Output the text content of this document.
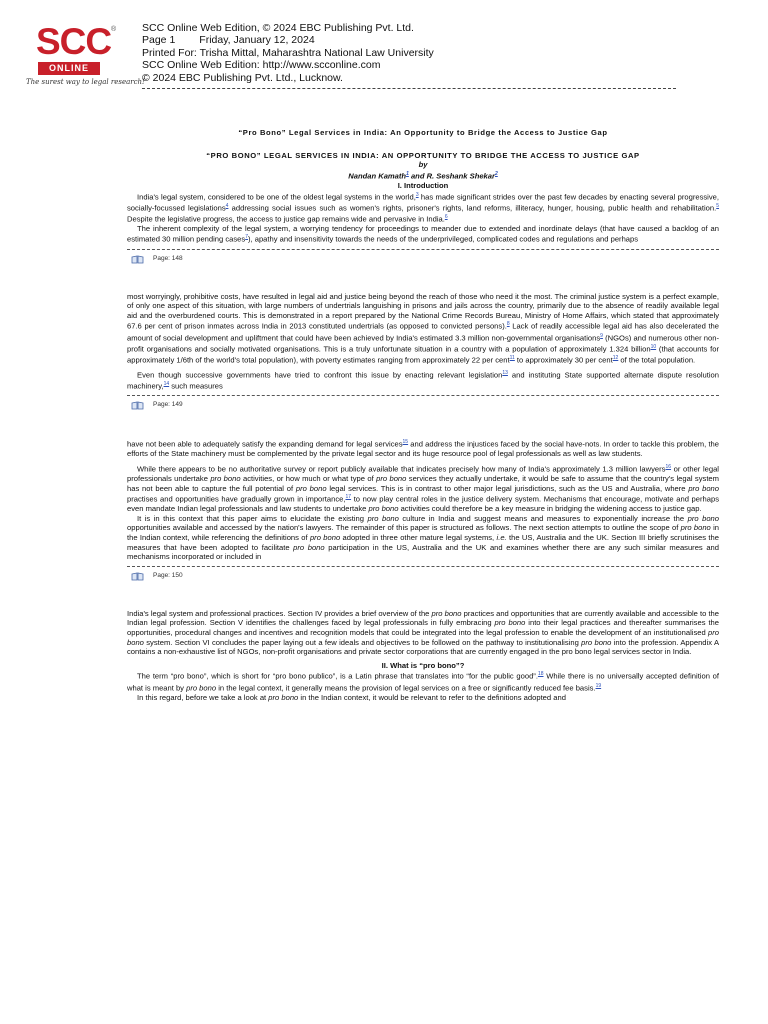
SCC ®
ONLINE
The surest way to legal research!
SCC Online Web Edition, © 2024 EBC Publishing Pvt. Ltd.
Page 1 Friday, January 12, 2024
Printed For: Trisha Mittal, Maharashtra National Law University
SCC Online Web Edition: http://www.scconline.com
© 2024 EBC Publishing Pvt. Ltd., Lucknow.

“Pro Bono” Legal Services in India: An Opportunity to Bridge the Access to Justice Gap

“PRO BONO” LEGAL SERVICES IN INDIA: AN OPPORTUNITY TO BRIDGE THE ACCESS TO JUSTICE GAP

by

Nandan Kamath$^1$ and R. Seshank Shekar$^2$

I. Introduction

India's legal system, considered to be one of the oldest legal systems in the world,$^3$ has made significant strides over the past few decades by enacting several progressive, socially-focussed legislations$^4$ addressing social issues such as women's rights, prisoner's rights, land reforms, illiteracy, hunger, housing, public health and rehabilitation.$^5$ Despite the legislative progress, the access to justice gap remains wide and pervasive in India.$^6$

The inherent complexity of the legal system, a worrying tendency for proceedings to meander due to extended and inordinate delays (that have caused a backlog of an estimated 30 million pending cases$^7$), apathy and insensitivity towards the needs of the underprivileged, complicated codes and regulations and perhaps

Page: 148

most worryingly, prohibitive costs, have resulted in legal aid and justice being beyond the reach of those who need it the most. The criminal justice system is a perfect example, of only one aspect of this situation, with large numbers of undertrials languishing in prisons and jails across the country, primarily due to the absence of readily available legal aid and the overburdened courts. This is demonstrated in a report prepared by the National Crime Records Bureau, Ministry of Home Affairs, which stated that approximately 67.6 per cent of prison inmates across India in 2013 constituted undertrials (as opposed to convicted persons).$^8$ Lack of readily accessible legal aid has also decelerated the amount of social development and upliftment that could have been achieved by India's estimated 3.3 million non-governmental organisations$^9$ (NGOs) and numerous other non-profit organisations and socially motivated organisations. This is a truly unfortunate situation in a country with a population of approximately 1.324 billion$^{10}$ (that accounts for approximately 1/6th of the world's total population), with poverty estimates ranging from approximately 22 per cent$^{11}$ to approximately 30 per cent$^{12}$ of the total population.

Even though successive governments have tried to confront this issue by enacting relevant legislation$^{13}$ and instituting State supported alternate dispute resolution machinery,$^{14}$ such measures

Page: 149

have not been able to adequately satisfy the expanding demand for legal services$^{15}$ and address the injustices faced by the social have-nots. In order to tackle this problem, the efforts of the State machinery must be complemented by the private legal sector and its huge resource pool of legal professionals as well as law students.

While there appears to be no authoritative survey or report publicly available that indicates precisely how many of India's approximately 1.3 million lawyers$^{16}$ or other legal professionals undertake pro bono activities, or how much or what type of pro bono services they actually undertake, it would be safe to assume that the country's legal system has not been able to capture the full potential of pro bono legal services. This is in contrast to other major legal jurisdictions, such as the US and Australia, where pro bono practises and opportunities have gradually grown in importance,$^{17}$ to now play central roles in the justice delivery system. Mechanisms that encourage, motivate and perhaps even mandate Indian legal professionals and law students to undertake pro bono activities could therefore be a key measure in bridging the widening access to justice gap.

It is in this context that this paper aims to elucidate the existing pro bono culture in India and suggest means and measures to exponentially increase the pro bono opportunities available and accessed by the nation's lawyers. The remainder of this paper is structured as follows. The next section attempts to outline the scope of pro bono in the Indian context, while referencing the definitions of pro bono adopted in three other mature legal systems, i.e. the US, Australia and the UK. Section III briefly scrutinises the measures that have been adopted to facilitate pro bono participation in the US, Australia and the UK and examines whether there are any such similar measures and mechanisms incorporated or included in

Page: 150

India's legal system and professional practices. Section IV provides a brief overview of the pro bono practices and opportunities that are currently available and accessible to the Indian legal profession. Section V identifies the challenges faced by legal professionals in fully embracing pro bono into their legal practices and thereafter summarises the opportunities, procedural changes and incentives and recognition models that could be integrated into the legal profession to enable the development of an institutionalised pro bono system. Section VI concludes the paper laying out a few ideals and objectives to be followed on the pathway to institutionalising pro bono into the profession. Appendix A contains a non-exhaustive list of NGOs, non-profit organisations and private sector corporations that are currently engaged in the pro bono legal services sector in India.

II. What is “pro bono”?

The term “pro bono”, which is short for “pro bono publico”, is a Latin phrase that translates into “for the public good”.$^{18}$ While there is no universally accepted definition of what is meant by pro bono in the legal context, it generally means the provision of legal services on a free or significantly reduced fee basis.$^{19}$

In this regard, before we take a look at pro bono in the Indian context, it would be relevant to refer to the definitions adopted and
